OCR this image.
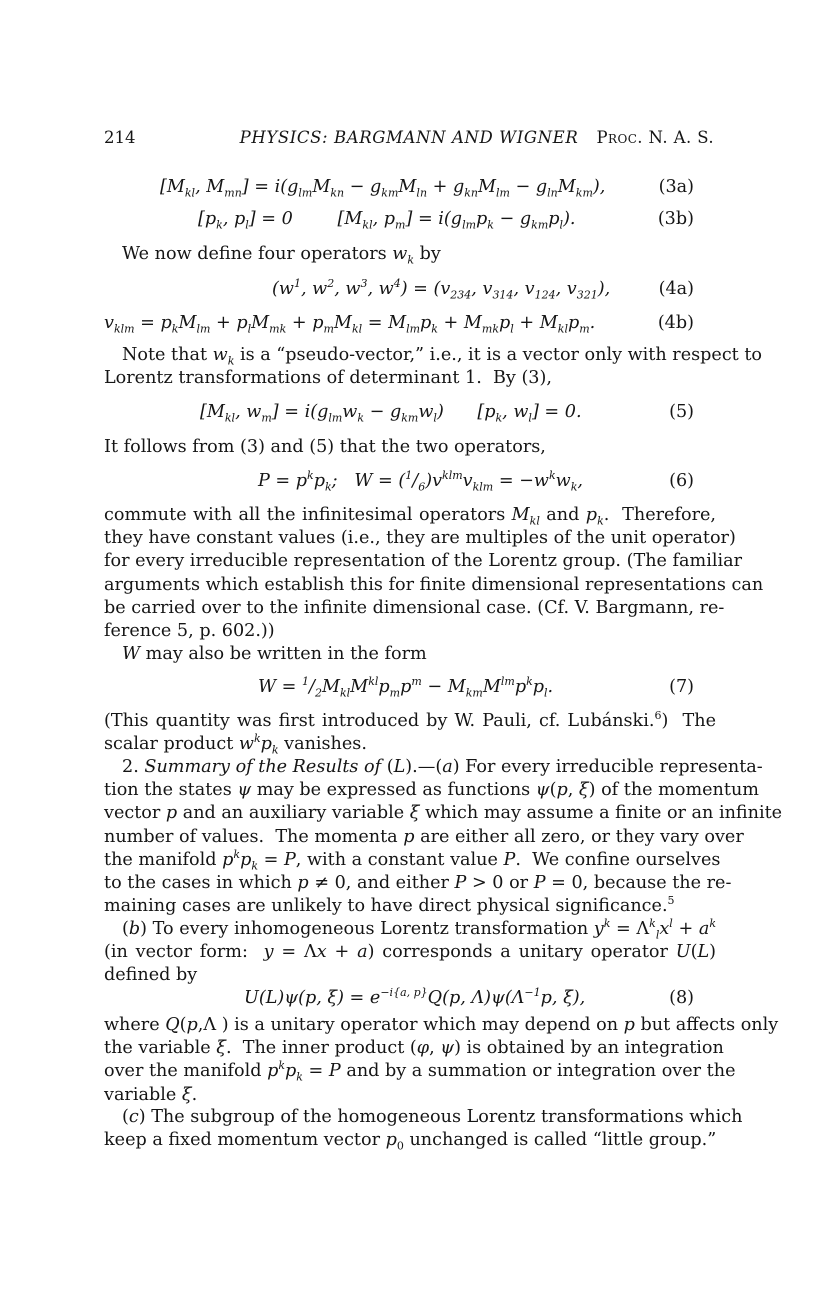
214	PHYSICS: BARGMANN AND WIGNER	Proc. N. A. S.
[$M_{kl}$, $M_{mn}] = i(g_{lm}M_{kn} - g_{km}M_{ln} + g_{kn}M_{lm} - g_{ln}M_{km})$,	(3a)
[$p_k$, $p_l] = 0$        [$M_{kl}$, $p_m] = i(g_{lm}p_k - g_{km}p_l)$.	(3b)
We now define four operators $w_k$ by
($w^1$, $w^2$, $w^3$, $w^4) = (v_{234}$, $v_{314}$, $v_{124}$, $v_{321}$),	(4a)
$v_{klm} = p_kM_{lm} + p_lM_{mk} + p_mM_{kl} = M_{lm}p_k + M_{mk}p_l + M_{kl}p_m$.	(4b)
Note that $w_k$ is a “pseudo-vector,” i.e., it is a vector only with respect to
Lorentz transformations of determinant 1.  By (3),
[$M_{kl}$, $w_m] = i(g_{lm}w_k - g_{km}w_l)$      [$p_k$, $w_l] = 0$.	(5)
It follows from (3) and (5) that the two operators,
$P = p^kp_k$;   $W = (^1/_6)v^{klm}v_{klm} = -w^kw_k$,	(6)
commute with all the infinitesimal operators $M_{kl}$ and $p_k$.  Therefore,
they have constant values (i.e., they are multiples of the unit operator)
for every irreducible representation of the Lorentz group. (The familiar
arguments which establish this for finite dimensional representations can
be carried over to the infinite dimensional case. (Cf. V. Bargmann, re-
ference 5, p. 602.))
W may also be written in the form
$W = ^1/_2M_{kl}M^{kl}p_mp^m - M_{km}M^{lm}p^kp_l$.	(7)
(This quantity was first introduced by W. Pauli, cf. Lubánski.$^6$)  The
scalar product $w^kp_k$ vanishes.
2. Summary of the Results of (L).—(a) For every irreducible representa-
tion the states ψ may be expressed as functions ψ(p, ξ) of the momentum
vector p and an auxiliary variable ξ which may assume a finite or an infinite
number of values.  The momenta p are either all zero, or they vary over
the manifold $p^kp_k = P$, with a constant value P.  We confine ourselves
to the cases in which p ≠ 0, and either P > 0 or P = 0, because the re-
maining cases are unlikely to have direct physical significance.$^5$
(b) To every inhomogeneous Lorentz transformation $y^k = \Lambda^k_lx^l + a^k$
(in vector form:  y = Λx + a) corresponds a unitary operator U(L)
defined by
U(L)ψ(p, $\xi) = e^{-i\{a, p\}}Q(p$, $\Lambda)\psi(\Lambda^{-1}p$, ξ),	(8)
where Q(p,Λ ) is a unitary operator which may depend on p but affects only
the variable ξ.  The inner product (φ, ψ) is obtained by an integration
over the manifold $p^kp_k = P$ and by a summation or integration over the
variable ξ.
(c) The subgroup of the homogeneous Lorentz transformations which
keep a fixed momentum vector $p_0$ unchanged is called “little group.”
